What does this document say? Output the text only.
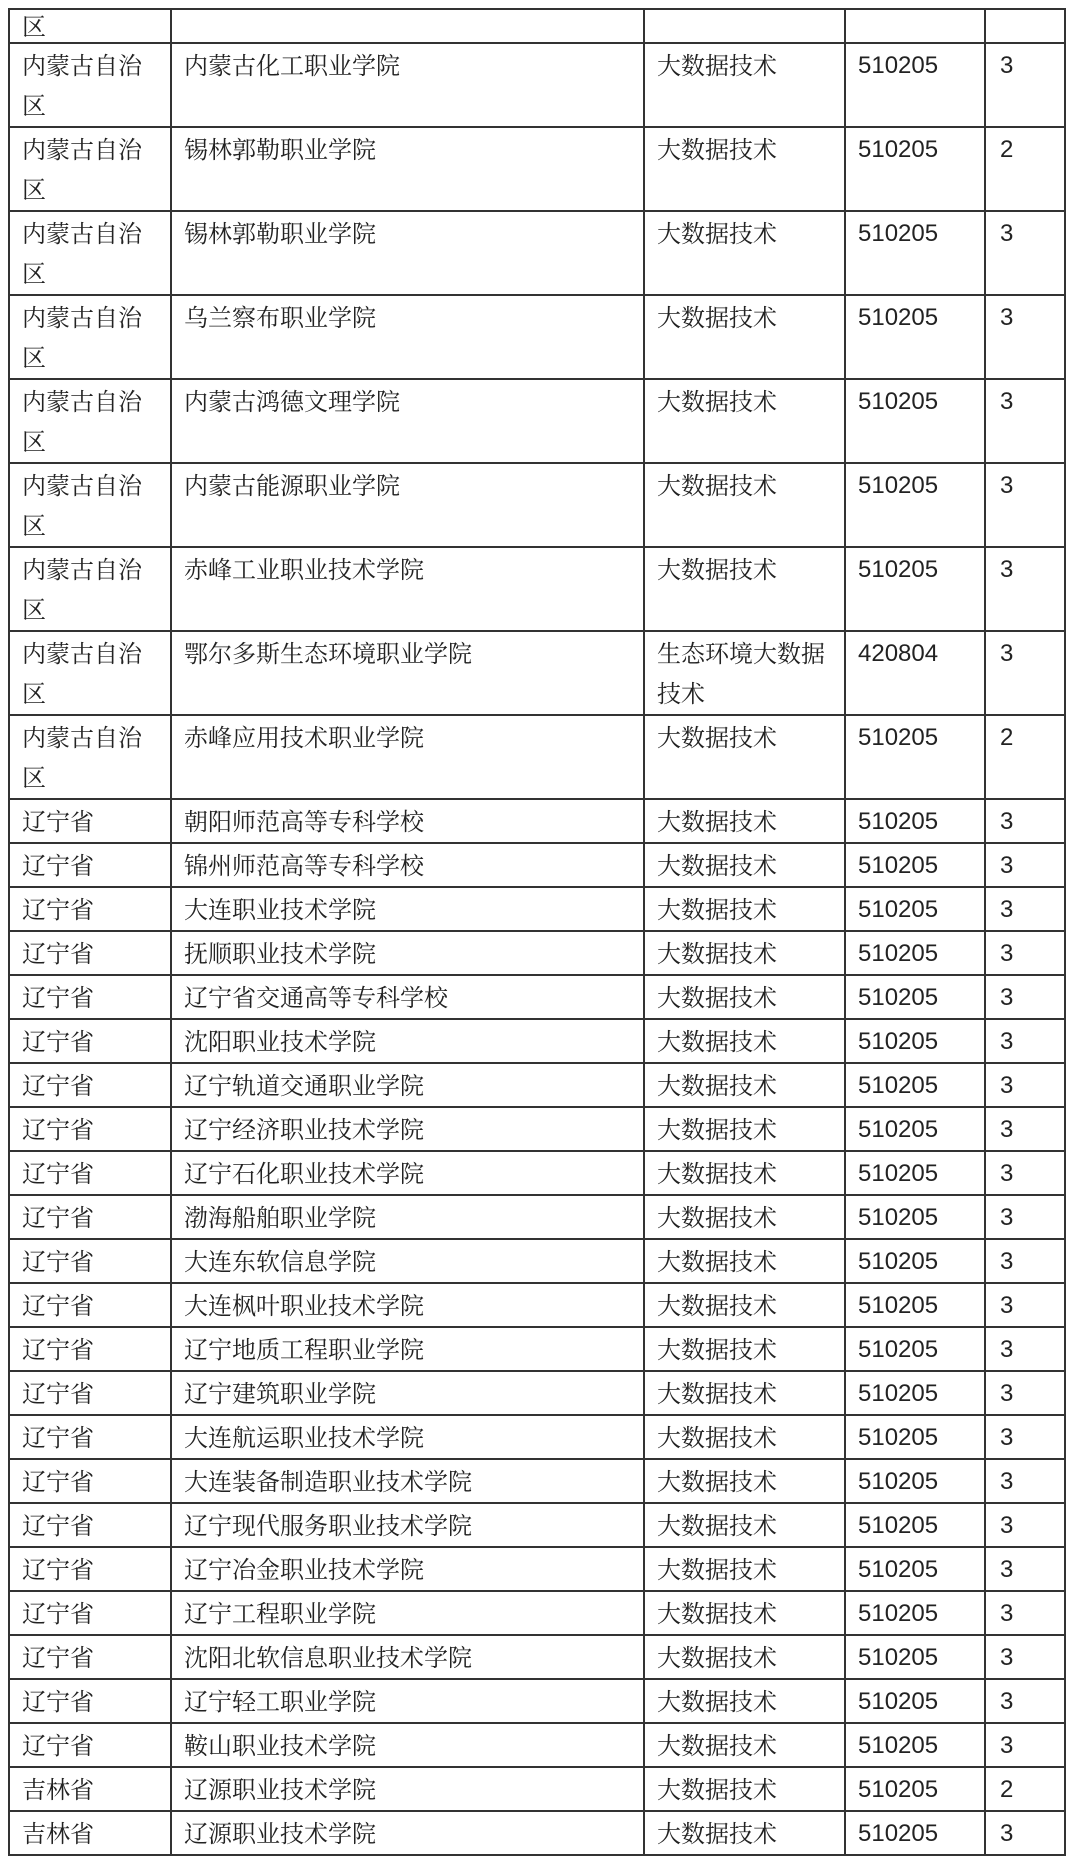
区				
内蒙古自治区	内蒙古化工职业学院	大数据技术	510205	3
内蒙古自治区	锡林郭勒职业学院	大数据技术	510205	2
内蒙古自治区	锡林郭勒职业学院	大数据技术	510205	3
内蒙古自治区	乌兰察布职业学院	大数据技术	510205	3
内蒙古自治区	内蒙古鸿德文理学院	大数据技术	510205	3
内蒙古自治区	内蒙古能源职业学院	大数据技术	510205	3
内蒙古自治区	赤峰工业职业技术学院	大数据技术	510205	3
内蒙古自治区	鄂尔多斯生态环境职业学院	生态环境大数据技术	420804	3
内蒙古自治区	赤峰应用技术职业学院	大数据技术	510205	2
辽宁省	朝阳师范高等专科学校	大数据技术	510205	3
辽宁省	锦州师范高等专科学校	大数据技术	510205	3
辽宁省	大连职业技术学院	大数据技术	510205	3
辽宁省	抚顺职业技术学院	大数据技术	510205	3
辽宁省	辽宁省交通高等专科学校	大数据技术	510205	3
辽宁省	沈阳职业技术学院	大数据技术	510205	3
辽宁省	辽宁轨道交通职业学院	大数据技术	510205	3
辽宁省	辽宁经济职业技术学院	大数据技术	510205	3
辽宁省	辽宁石化职业技术学院	大数据技术	510205	3
辽宁省	渤海船舶职业学院	大数据技术	510205	3
辽宁省	大连东软信息学院	大数据技术	510205	3
辽宁省	大连枫叶职业技术学院	大数据技术	510205	3
辽宁省	辽宁地质工程职业学院	大数据技术	510205	3
辽宁省	辽宁建筑职业学院	大数据技术	510205	3
辽宁省	大连航运职业技术学院	大数据技术	510205	3
辽宁省	大连装备制造职业技术学院	大数据技术	510205	3
辽宁省	辽宁现代服务职业技术学院	大数据技术	510205	3
辽宁省	辽宁冶金职业技术学院	大数据技术	510205	3
辽宁省	辽宁工程职业学院	大数据技术	510205	3
辽宁省	沈阳北软信息职业技术学院	大数据技术	510205	3
辽宁省	辽宁轻工职业学院	大数据技术	510205	3
辽宁省	鞍山职业技术学院	大数据技术	510205	3
吉林省	辽源职业技术学院	大数据技术	510205	2
吉林省	辽源职业技术学院	大数据技术	510205	3
